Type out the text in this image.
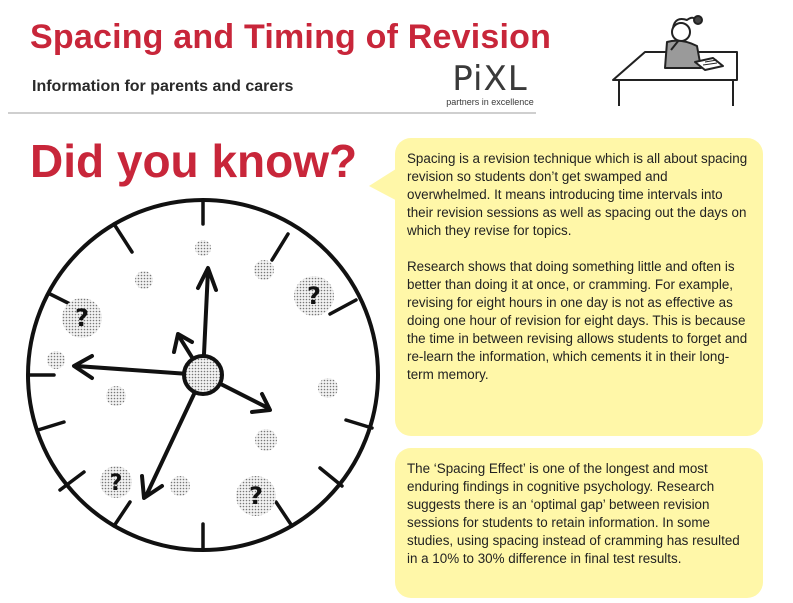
Spacing and Timing of Revision

Information for parents and carers	PiXL
partners in excellence
Did you know?
?
?
?	?

Spacing is a revision technique which is all about spacing revision so students don’t get swamped and overwhelmed. It means introducing time intervals into their revision sessions as well as spacing out the days on which they revise for topics.

Research shows that doing something little and often is better than doing it at once, or cramming. For example, revising for eight hours in one day is not as effective as doing one hour of revision for eight days. This is because the time in between revising allows students to forget and re-learn the information, which cements it in their long-term memory.

The ‘Spacing Effect’ is one of the longest and most enduring findings in cognitive psychology. Research suggests there is an ‘optimal gap’ between revision sessions for students to retain information. In some studies, using spacing instead of cramming has resulted in a 10% to 30% difference in final test results.
